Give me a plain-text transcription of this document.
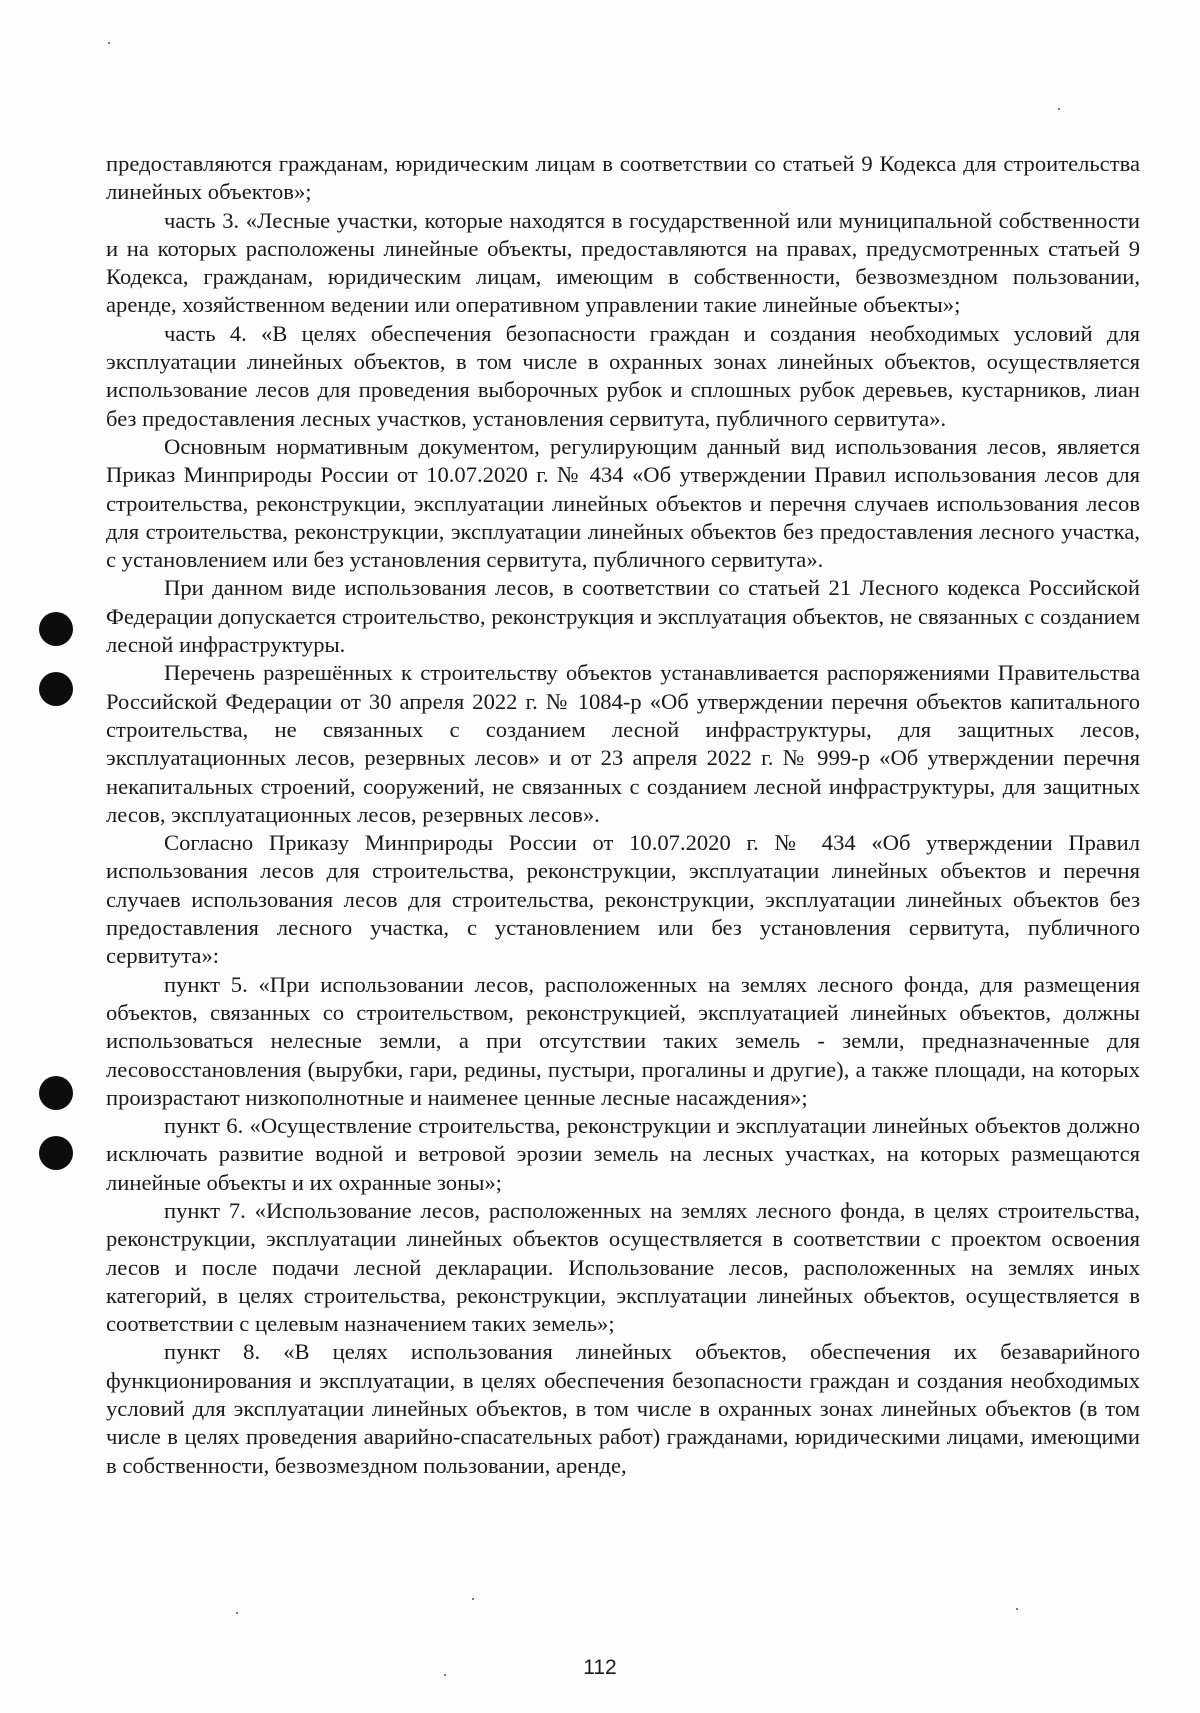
предоставляются гражданам, юридическим лицам в соответствии со статьей 9 Кодекса для строительства линейных объектов»;

часть 3. «Лесные участки, которые находятся в государственной или муниципальной собственности и на которых расположены линейные объекты, предоставляются на правах, предусмотренных статьей 9 Кодекса, гражданам, юридическим лицам, имеющим в собственности, безвозмездном пользовании, аренде, хозяйственном ведении или оперативном управлении такие линейные объекты»;

часть 4. «В целях обеспечения безопасности граждан и создания необходимых условий для эксплуатации линейных объектов, в том числе в охранных зонах линейных объектов, осуществляется использование лесов для проведения выборочных рубок и сплошных рубок деревьев, кустарников, лиан без предоставления лесных участков, установления сервитута, публичного сервитута».

Основным нормативным документом, регулирующим данный вид использования лесов, является Приказ Минприроды России от 10.07.2020 г. № 434 «Об утверждении Правил использования лесов для строительства, реконструкции, эксплуатации линейных объектов и перечня случаев использования лесов для строительства, реконструкции, эксплуатации линейных объектов без предоставления лесного участка, с установлением или без установления сервитута, публичного сервитута».

При данном виде использования лесов, в соответствии со статьей 21 Лесного кодекса Российской Федерации допускается строительство, реконструкция и эксплуатация объектов, не связанных с созданием лесной инфраструктуры.

Перечень разрешённых к строительству объектов устанавливается распоряжениями Правительства Российской Федерации от 30 апреля 2022 г. № 1084-р «Об утверждении перечня объектов капитального строительства, не связанных с созданием лесной инфраструктуры, для защитных лесов, эксплуатационных лесов, резервных лесов» и от 23 апреля 2022 г. № 999-р «Об утверждении перечня некапитальных строений, сооружений, не связанных с созданием лесной инфраструктуры, для защитных лесов, эксплуатационных лесов, резервных лесов».

Согласно Приказу Минприроды России от 10.07.2020 г. № 434 «Об утверждении Правил использования лесов для строительства, реконструкции, эксплуатации линейных объектов и перечня случаев использования лесов для строительства, реконструкции, эксплуатации линейных объектов без предоставления лесного участка, с установлением или без установления сервитута, публичного сервитута»:

пункт 5. «При использовании лесов, расположенных на землях лесного фонда, для размещения объектов, связанных со строительством, реконструкцией, эксплуатацией линейных объектов, должны использоваться нелесные земли, а при отсутствии таких земель - земли, предназначенные для лесовосстановления (вырубки, гари, редины, пустыри, прогалины и другие), а также площади, на которых произрастают низкополнотные и наименее ценные лесные насаждения»;

пункт 6. «Осуществление строительства, реконструкции и эксплуатации линейных объектов должно исключать развитие водной и ветровой эрозии земель на лесных участках, на которых размещаются линейные объекты и их охранные зоны»;

пункт 7. «Использование лесов, расположенных на землях лесного фонда, в целях строительства, реконструкции, эксплуатации линейных объектов осуществляется в соответствии с проектом освоения лесов и после подачи лесной декларации. Использование лесов, расположенных на землях иных категорий, в целях строительства, реконструкции, эксплуатации линейных объектов, осуществляется в соответствии с целевым назначением таких земель»;

пункт 8. «В целях использования линейных объектов, обеспечения их безаварийного функционирования и эксплуатации, в целях обеспечения безопасности граждан и создания необходимых условий для эксплуатации линейных объектов, в том числе в охранных зонах линейных объектов (в том числе в целях проведения аварийно-спасательных работ) гражданами, юридическими лицами, имеющими в собственности, безвозмездном пользовании, аренде,

112
